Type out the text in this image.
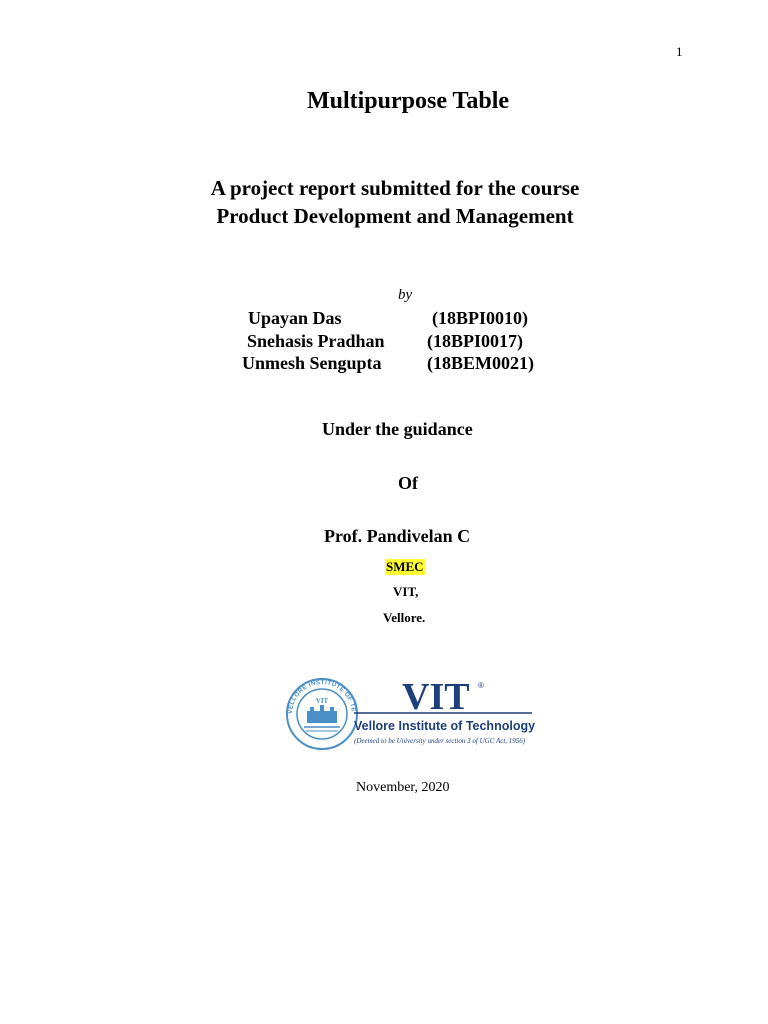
1
Multipurpose Table
A project report submitted for the course
Product Development and Management
by
Upayan Das	(18BPI0010)
Snehasis Pradhan (18BPI0017)
Unmesh Sengupta	(18BEM0021)
Under the guidance
Of
Prof. Pandivelan C
SMEC
VIT,
Vellore.
VELLORE INSTITUTE OF TE
VIT VIT ®
Vellore Institute of Technology
(Deemed to be University under section 3 of UGC Act, 1956)
November, 2020
